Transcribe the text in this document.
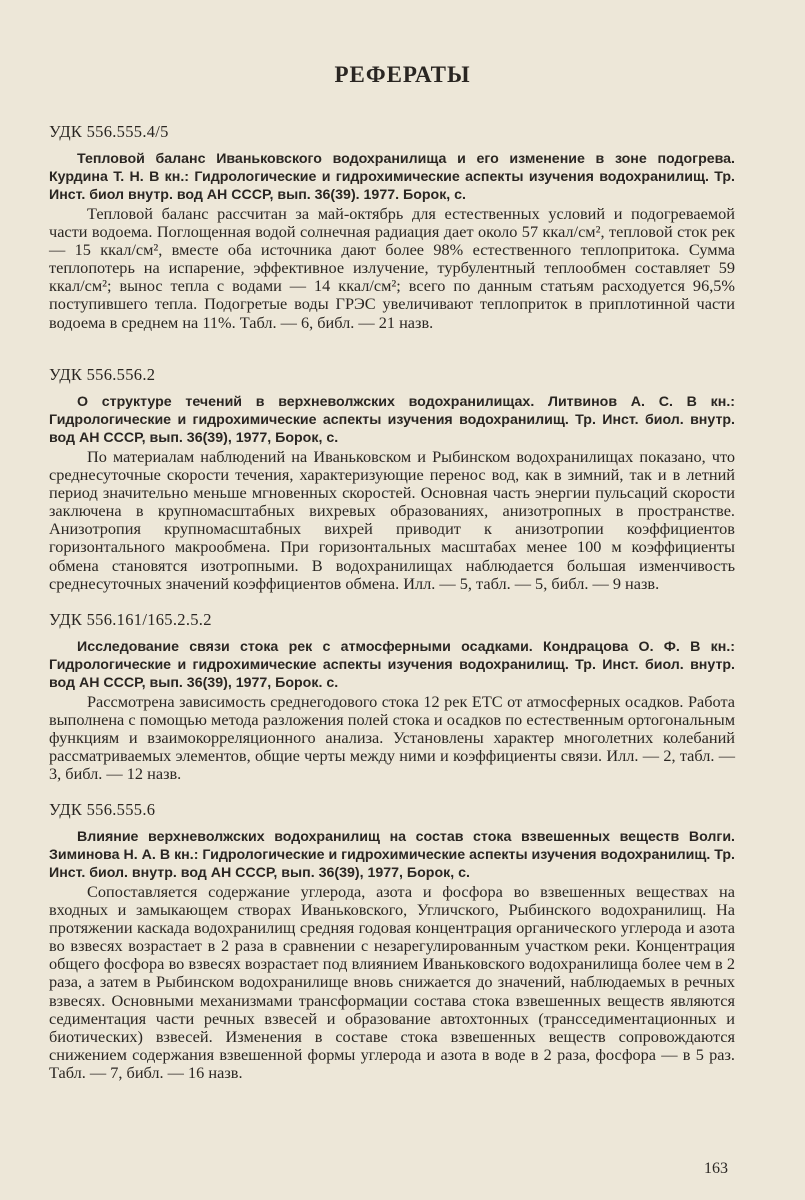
РЕФЕРАТЫ
УДК 556.555.4/5

Тепловой баланс Иваньковского водохранилища и его изменение в зоне подогрева. Курдина Т. Н. В кн.: Гидрологические и гидрохимические аспекты изучения водохранилищ. Тр. Инст. биол внутр. вод АН СССР, вып. 36(39). 1977. Борок, с.

Тепловой баланс рассчитан за май-октябрь для естественных условий и подогреваемой части водоема. Поглощенная водой солнечная радиация дает около 57 ккал/см², тепловой сток рек — 15 ккал/см², вместе оба источника дают более 98% естественного теплопритока. Сумма теплопотерь на испарение, эффективное излучение, турбулентный теплообмен составляет 59 ккал/см²; вынос тепла с водами — 14 ккал/см²; всего по данным статьям расходуется 96,5% поступившего тепла. Подогретые воды ГРЭС увеличивают теплоприток в приплотинной части водоема в среднем на 11%. Табл. — 6, библ. — 21 назв.

УДК 556.556.2

О структуре течений в верхневолжских водохранилищах. Литвинов А. С. В кн.: Гидрологические и гидрохимические аспекты изучения водохранилищ. Тр. Инст. биол. внутр. вод АН СССР, вып. 36(39), 1977, Борок, с.

По материалам наблюдений на Иваньковском и Рыбинском водохранилищах показано, что среднесуточные скорости течения, характеризующие перенос вод, как в зимний, так и в летний период значительно меньше мгновенных скоростей. Основная часть энергии пульсаций скорости заключена в крупномасштабных вихревых образованиях, анизотропных в пространстве. Анизотропия крупномасштабных вихрей приводит к анизотропии коэффициентов горизонтального макрообмена. При горизонтальных масштабах менее 100 м коэффициенты обмена становятся изотропными. В водохранилищах наблюдается большая изменчивость среднесуточных значений коэффициентов обмена. Илл. — 5, табл. — 5, библ. — 9 назв.

УДК 556.161/165.2.5.2

Исследование связи стока рек с атмосферными осадками. Кондрацова О. Ф. В кн.: Гидрологические и гидрохимические аспекты изучения водохранилищ. Тр. Инст. биол. внутр. вод АН СССР, вып. 36(39), 1977, Борок. с.

Рассмотрена зависимость среднегодового стока 12 рек ЕТС от атмосферных осадков. Работа выполнена с помощью метода разложения полей стока и осадков по естественным ортогональным функциям и взаимокорреляционного анализа. Установлены характер многолетних колебаний рассматриваемых элементов, общие черты между ними и коэффициенты связи. Илл. — 2, табл. — 3, библ. — 12 назв.

УДК 556.555.6

Влияние верхневолжских водохранилищ на состав стока взвешенных веществ Волги. Зиминова Н. А. В кн.: Гидрологические и гидрохимические аспекты изучения водохранилищ. Тр. Инст. биол. внутр. вод АН СССР, вып. 36(39), 1977, Борок, с.

Сопоставляется содержание углерода, азота и фосфора во взвешенных веществах на входных и замыкающем створах Иваньковского, Угличского, Рыбинского водохранилищ. На протяжении каскада водохранилищ средняя годовая концентрация органического углерода и азота во взвесях возрастает в 2 раза в сравнении с незарегулированным участком реки. Концентрация общего фосфора во взвесях возрастает под влиянием Иваньковского водохранилища более чем в 2 раза, а затем в Рыбинском водохранилище вновь снижается до значений, наблюдаемых в речных взвесях. Основными механизмами трансформации состава стока взвешенных веществ являются седиментация части речных взвесей и образование автохтонных (трансседиментационных и биотических) взвесей. Изменения в составе стока взвешенных веществ сопровождаются снижением содержания взвешенной формы углерода и азота в воде в 2 раза, фосфора — в 5 раз. Табл. — 7, библ. — 16 назв.

163
